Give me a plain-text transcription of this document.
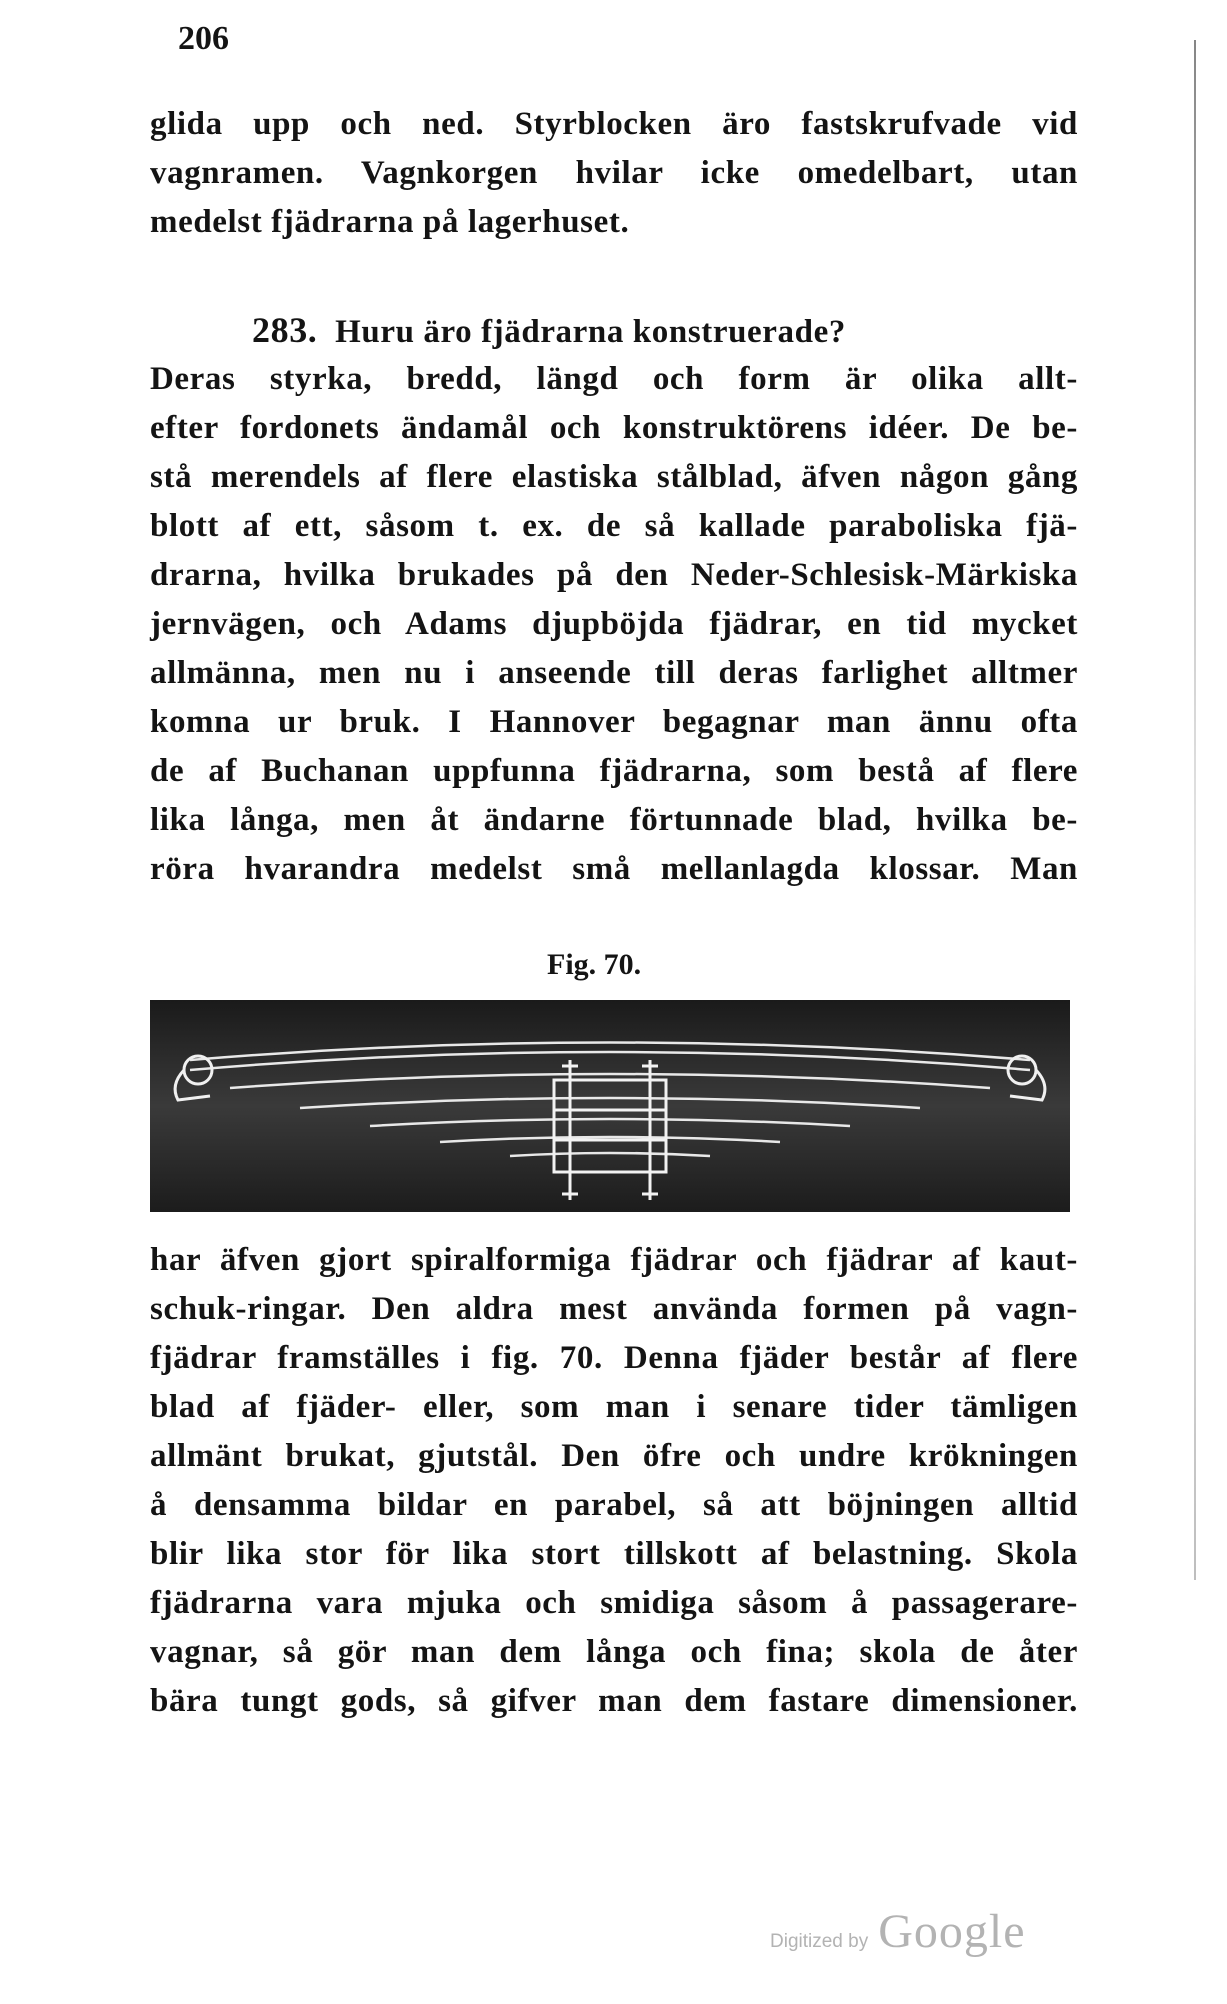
206
glida upp och ned. Styrblocken äro fastskrufvade vid
vagnramen. Vagnkorgen hvilar icke omedelbart, utan
medelst fjädrarna på lagerhuset.
283. Huru äro fjädrarna konstruerade?
Deras styrka, bredd, längd och form är olika allt-
efter fordonets ändamål och konstruktörens idéer. De be-
stå merendels af flere elastiska stålblad, äfven någon gång
blott af ett, såsom t. ex. de så kallade paraboliska fjä-
drarna, hvilka brukades på den Neder-Schlesisk-Märkiska
jernvägen, och Adams djupböjda fjädrar, en tid mycket
allmänna, men nu i anseende till deras farlighet alltmer
komna ur bruk. I Hannover begagnar man ännu ofta
de af Buchanan uppfunna fjädrarna, som bestå af flere
lika långa, men åt ändarne förtunnade blad, hvilka be-
röra hvarandra medelst små mellanlagda klossar. Man
Fig. 70.
har äfven gjort spiralformiga fjädrar och fjädrar af kaut-
schuk-ringar. Den aldra mest använda formen på vagn-
fjädrar framställes i fig. 70. Denna fjäder består af flere
blad af fjäder- eller, som man i senare tider tämligen
allmänt brukat, gjutstål. Den öfre och undre krökningen
å densamma bildar en parabel, så att böjningen alltid
blir lika stor för lika stort tillskott af belastning. Skola
fjädrarna vara mjuka och smidiga såsom å passagerare-
vagnar, så gör man dem långa och fina; skola de åter
bära tungt gods, så gifver man dem fastare dimensioner.
Digitized by Google
